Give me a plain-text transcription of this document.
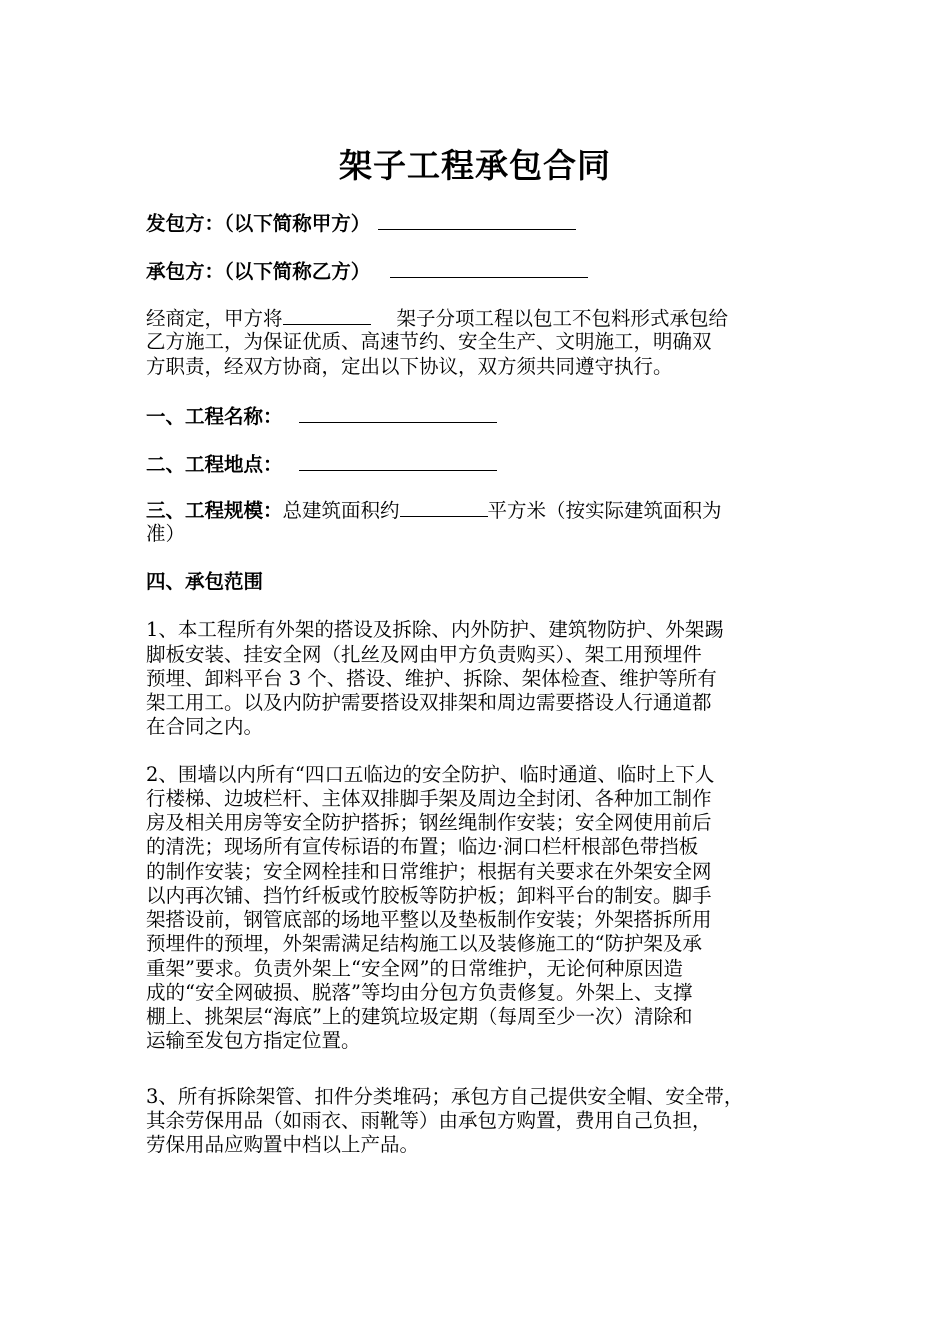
架子工程承包合同
发包方：（以下简称甲方）
承包方：（以下简称乙方）
经商定，甲方将	架子分项工程以包工不包料形式承包给
乙方施工，为保证优质、高速节约、安全生产、文明施工，明确双
方职责，经双方协商，定出以下协议，双方须共同遵守执行。
一、工程名称：
二、工程地点：
三、工程规模：总建筑面积约	平方米（按实际建筑面积为
准）
四、承包范围
1、本工程所有外架的搭设及拆除、内外防护、建筑物防护、外架踢
脚板安装、挂安全网（扎丝及网由甲方负责购买）、架工用预埋件
预埋、卸料平台 3 个、搭设、维护、拆除、架体检查、维护等所有
架工用工。以及内防护需要搭设双排架和周边需要搭设人行通道都
在合同之内。
2、围墙以内所有“四口五临边的安全防护、临时通道、临时上下人
行楼梯、边坡栏杆、主体双排脚手架及周边全封闭、各种加工制作
房及相关用房等安全防护搭拆；钢丝绳制作安装；安全网使用前后
的清洗；现场所有宣传标语的布置；临边·洞口栏杆根部色带挡板
的制作安装；安全网栓挂和日常维护；根据有关要求在外架安全网
以内再次铺、挡竹纤板或竹胶板等防护板；卸料平台的制安。脚手
架搭设前，钢管底部的场地平整以及垫板制作安装；外架搭拆所用
预埋件的预埋，外架需满足结构施工以及装修施工的“防护架及承
重架”要求。负责外架上“安全网”的日常维护，无论何种原因造
成的“安全网破损、脱落”等均由分包方负责修复。外架上、支撑
棚上、挑架层“海底”上的建筑垃圾定期（每周至少一次）清除和
运输至发包方指定位置。
3、所有拆除架管、扣件分类堆码；承包方自己提供安全帽、安全带，
其余劳保用品（如雨衣、雨靴等）由承包方购置，费用自己负担，
劳保用品应购置中档以上产品。
